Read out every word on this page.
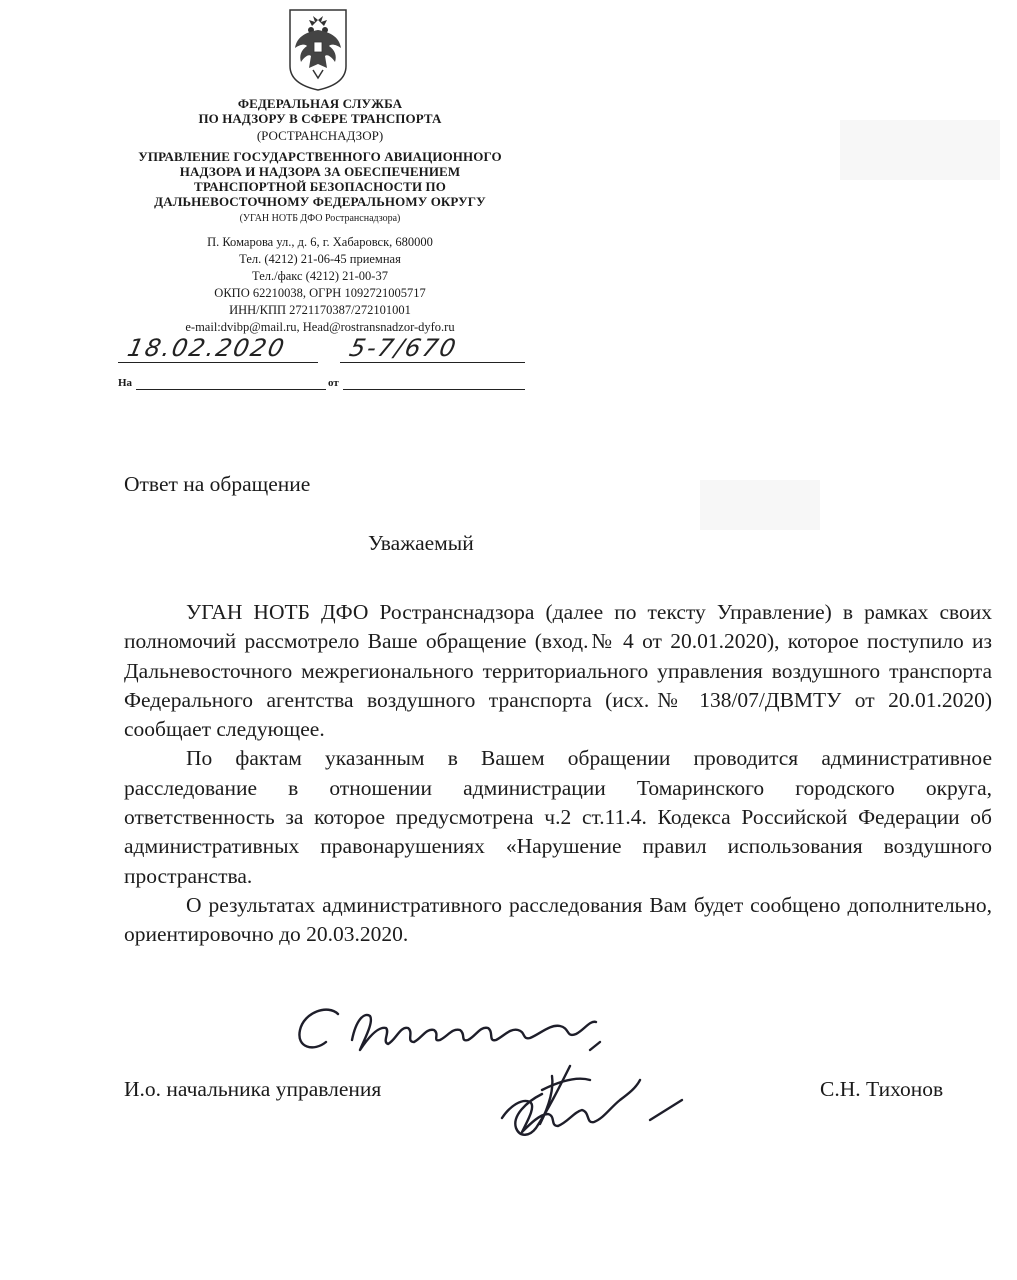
ФЕДЕРАЛЬНАЯ СЛУЖБА
ПО НАДЗОРУ В СФЕРЕ ТРАНСПОРТА
(РОСТРАНСНАДЗОР)
УПРАВЛЕНИЕ ГОСУДАРСТВЕННОГО АВИАЦИОННОГО
НАДЗОРА И НАДЗОРА ЗА ОБЕСПЕЧЕНИЕМ
ТРАНСПОРТНОЙ БЕЗОПАСНОСТИ ПО
ДАЛЬНЕВОСТОЧНОМУ ФЕДЕРАЛЬНОМУ ОКРУГУ
(УГАН НОТБ ДФО Ространснадзора)
П. Комарова ул., д. 6, г. Хабаровск, 680000
Тел. (4212) 21-06-45 приемная
Тел./факс (4212) 21-00-37
ОКПО 62210038, ОГРН 1092721005717
ИНН/КПП 2721170387/272101001
e-mail:dvibp@mail.ru, Head@rostransnadzor-dyfo.ru
18.02.2020 5-7/670
На	от
Ответ на обращение
Уважаемый

УГАН НОТБ ДФО Ространснадзора (далее по тексту Управление) в рамках своих полномочий рассмотрело Ваше обращение (вход.№ 4 от 20.01.2020), которое поступило из Дальневосточного межрегионального территориального управления воздушного транспорта Федерального агентства воздушного транспорта (исх.№ 138/07/ДВМТУ от 20.01.2020) сообщает следующее.

По фактам указанным в Вашем обращении проводится административное расследование в отношении администрации Томаринского городского округа, ответственность за которое предусмотрена ч.2 ст.11.4. Кодекса Российской Федерации об административных правонарушениях «Нарушение правил использования воздушного пространства.

О результатах административного расследования Вам будет сообщено дополнительно, ориентировочно до 20.03.2020.

И.о. начальника управления	С.Н. Тихонов
